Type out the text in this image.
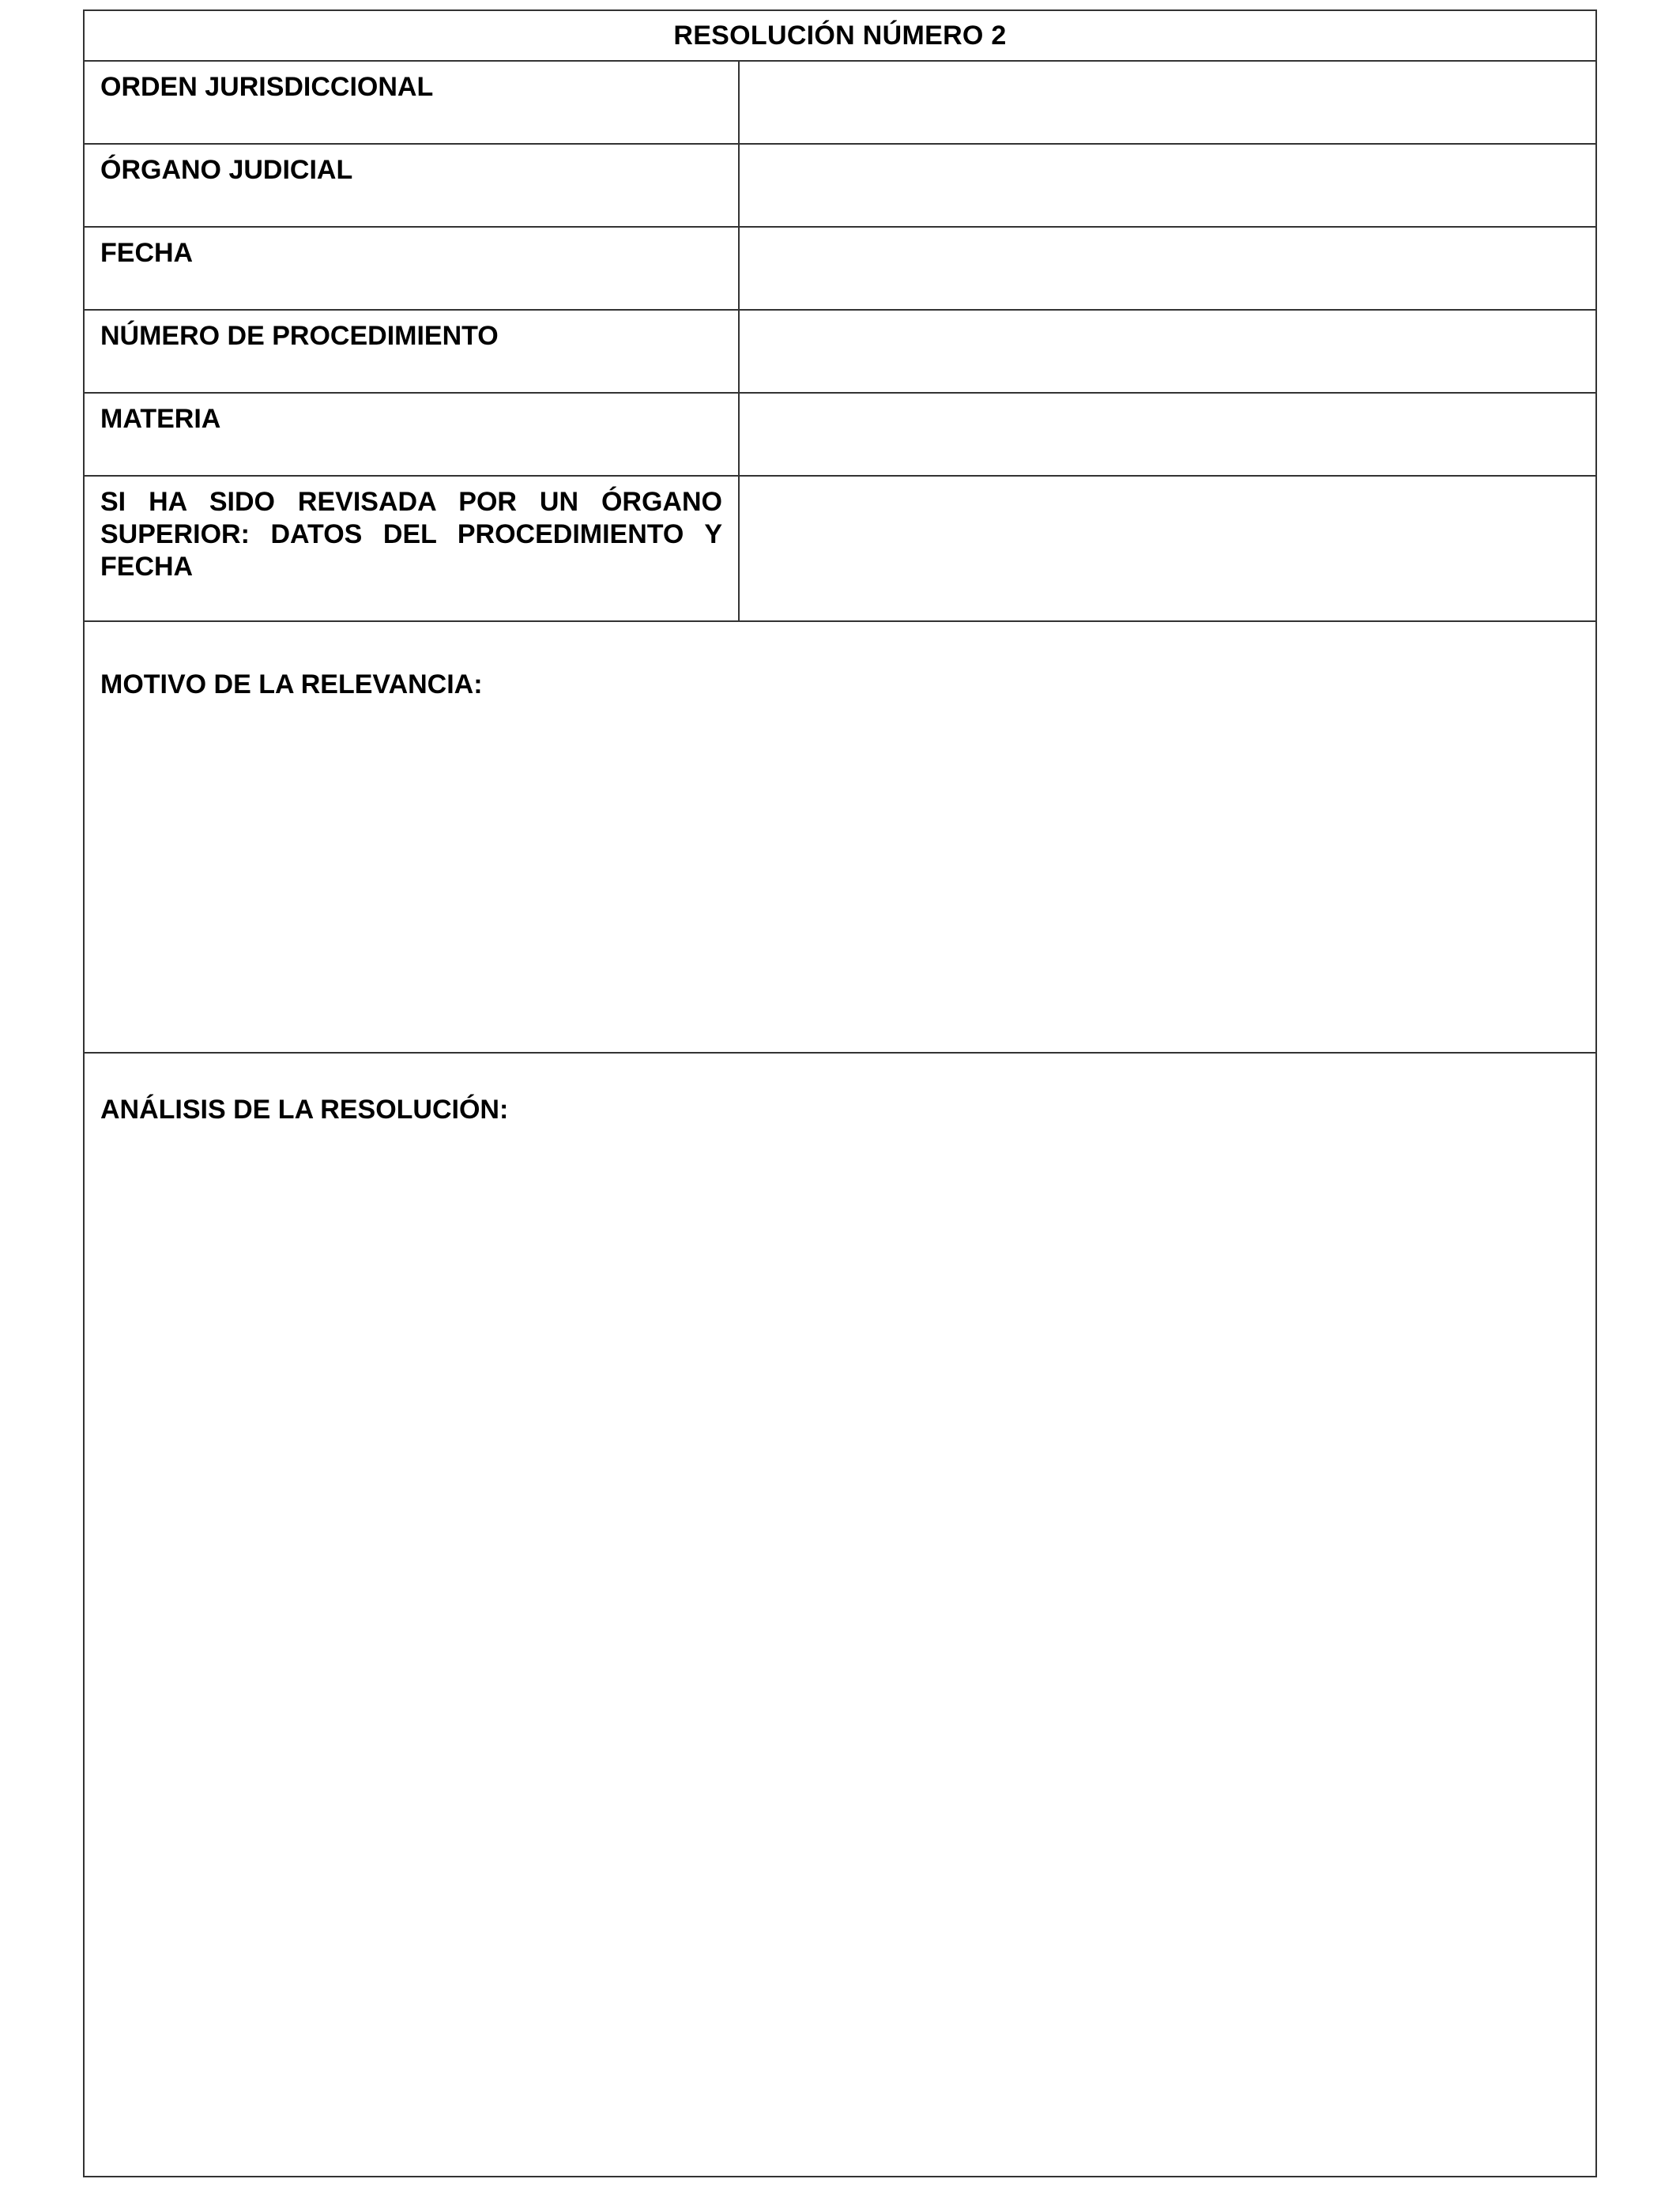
RESOLUCIÓN NÚMERO 2
ORDEN JURISDICCIONAL
ÓRGANO JUDICIAL
FECHA
NÚMERO DE PROCEDIMIENTO
MATERIA
SI HA SIDO REVISADA POR UN ÓRGANO SUPERIOR: DATOS DEL PROCEDIMIENTO Y FECHA
MOTIVO DE LA RELEVANCIA:
ANÁLISIS DE LA RESOLUCIÓN:
